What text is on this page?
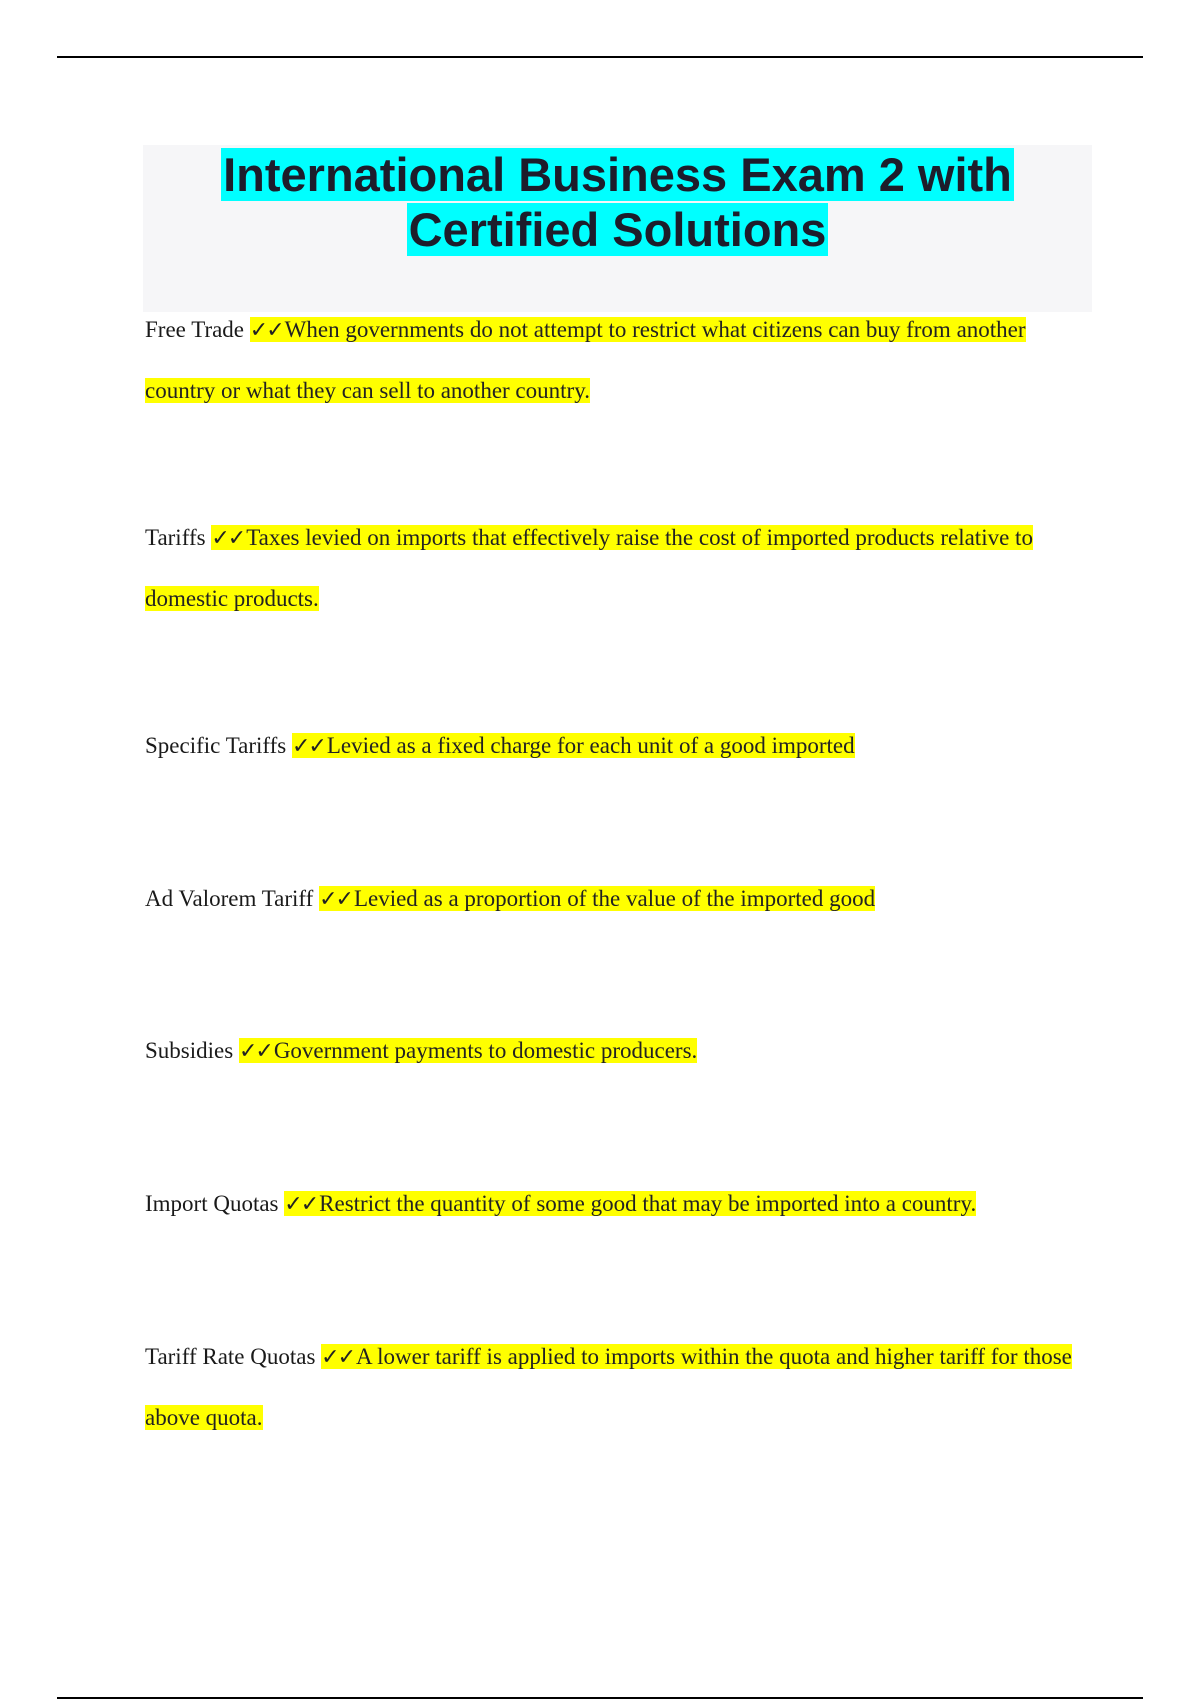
International Business Exam 2 with
Certified Solutions
Free Trade ✓✓When governments do not attempt to restrict what citizens can buy from another country or what they can sell to another country.
Tariffs ✓✓Taxes levied on imports that effectively raise the cost of imported products relative to domestic products.
Specific Tariffs ✓✓Levied as a fixed charge for each unit of a good imported
Ad Valorem Tariff ✓✓Levied as a proportion of the value of the imported good
Subsidies ✓✓Government payments to domestic producers.
Import Quotas ✓✓Restrict the quantity of some good that may be imported into a country.
Tariff Rate Quotas ✓✓A lower tariff is applied to imports within the quota and higher tariff for those above quota.
